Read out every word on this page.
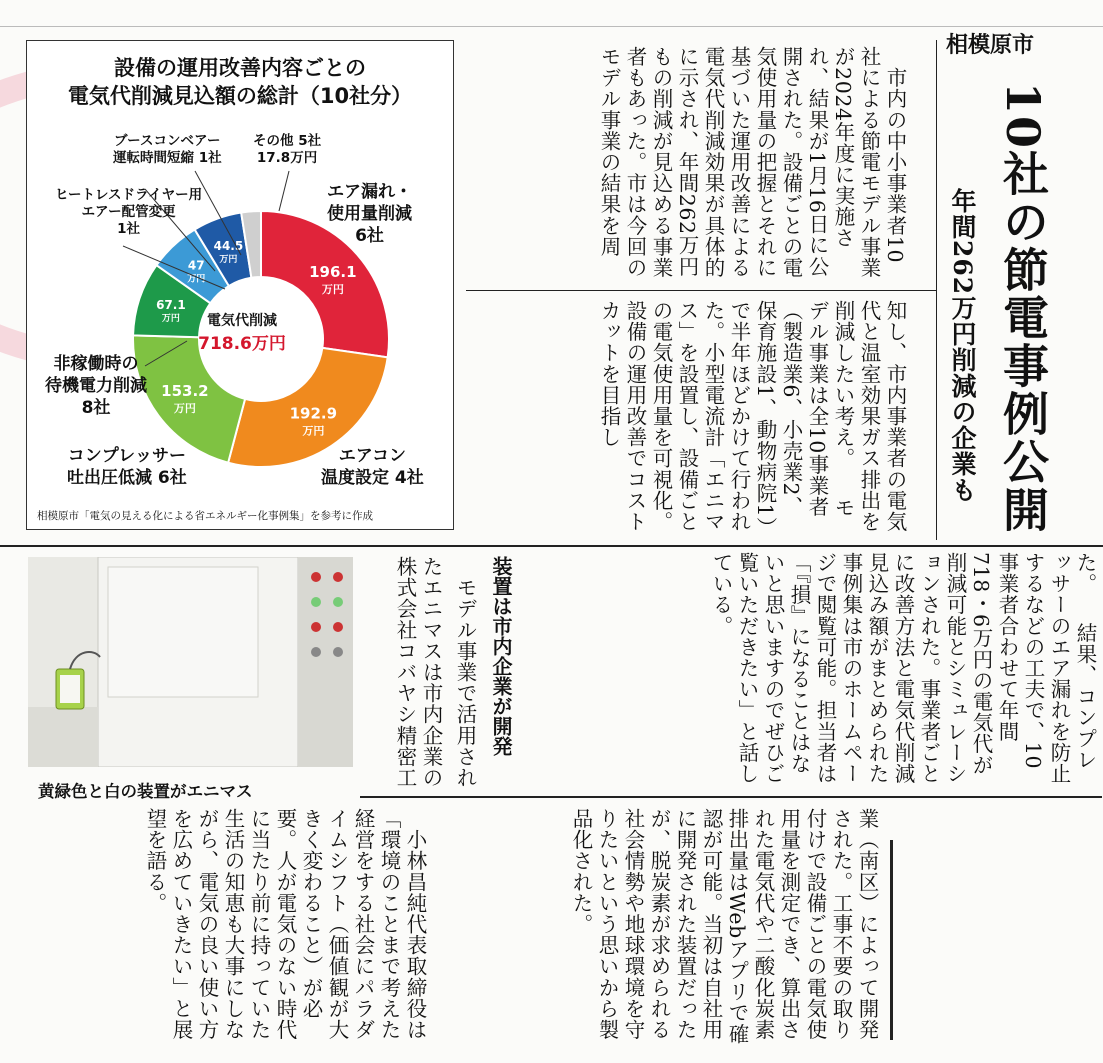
設備の運用改善内容ごとの
電気代削減見込額の総計（10社分）
196.1
万円
192.9
万円
153.2
万円
67.1
万円
47
万円
44.5
万円
電気代削減
718.6万円
エア漏れ・
使用量削減
6社
エアコン
温度設定 4社
コンプレッサー
吐出圧低減 6社
非稼働時の
待機電力削減
8社
ヒートレスドライヤー用
エアー配管変更
1社
ブースコンベアー
運転時間短縮 1社
その他 5社
17.8万円
相模原市「電気の見える化による省エネルギー化事例集」を参考に作成
相模原市
10社の節電事例公開
年間262万円削減の企業も
　市内の中小事業者10社による節電モデル事業が2024年度に実施され、結果が1月16日に公開された。設備ごとの電気使用量の把握とそれに基づいた運用改善による電気代削減効果が具体的に示され、年間262万円もの削減が見込める事業者もあった。市は今回のモデル事業の結果を周
知し、市内事業者の電気代と温室効果ガス排出を削減したい考え。 　モデル事業は全10事業者（製造業6、小売業2、保育施設1、動物病院1）で半年ほどかけて行われた。小型電流計「エニマス」を設置し、設備ごとの電気使用量を可視化。設備の運用改善でコストカットを目指し
た。 　結果、コンプレッサーのエア漏れを防止するなどの工夫で、10事業者合わせて年間718・6万円の電気代が削減可能とシミュレーションされた。事業者ごとに改善方法と電気代削減見込み額がまとめられた事例集は市のホームページで閲覧可能。担当者は「『損』になることはないと思いますのでぜひご覧いただきたい」と話している。
装置は市内企業が開発
　モデル事業で活用され
たエニマスは市内企業の株式会社コバヤシ精密工
業（南区）によって開発された。工事不要の取り付けで設備ごとの電気使用量を測定でき、算出された電気代や二酸化炭素排出量はWebアプリで確認が可能。当初は自社用に開発された装置だったが、脱炭素が求められる社会情勢や地球環境を守りたいという思いから製品化された。
　小林昌純代表取締役は「環境のことまで考えた経営をする社会にパラダイムシフト（価値観が大きく変わること）が必要。人が電気のない時代に当たり前に持っていた生活の知恵も大事にしながら、電気の良い使い方を広めていきたい」と展望を語る。
黄緑色と白の装置がエニマス
